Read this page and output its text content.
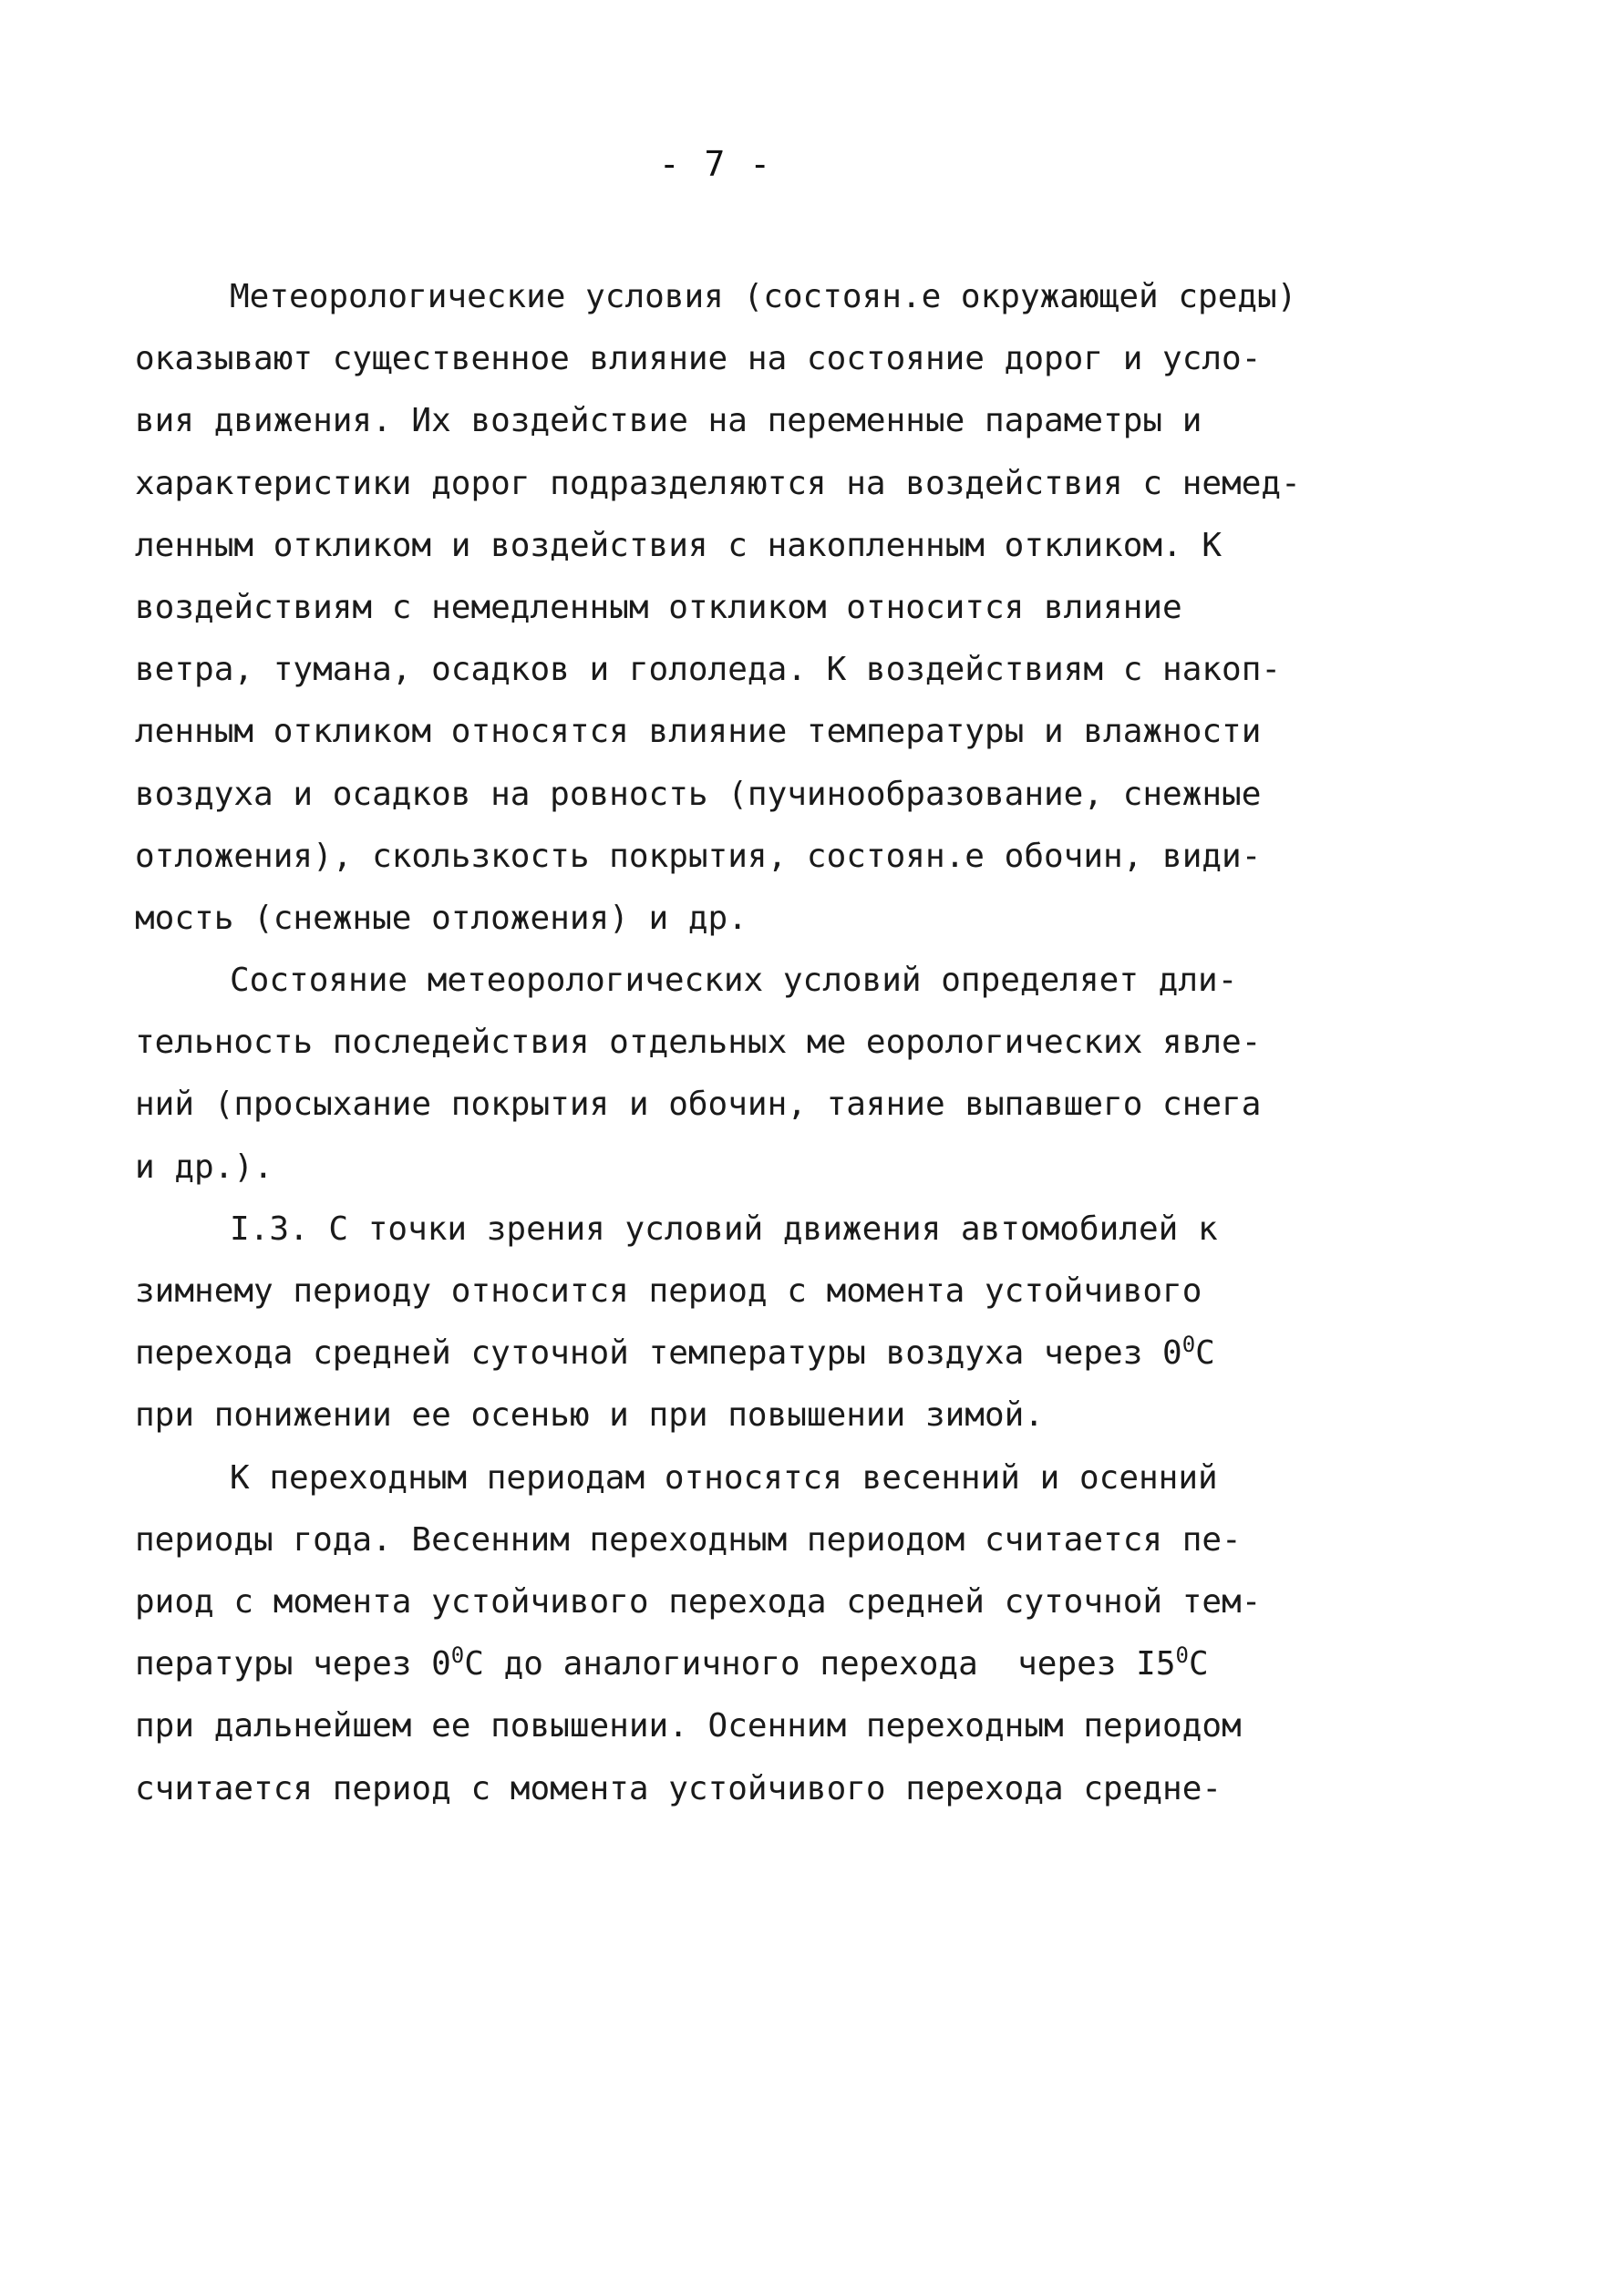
- 7 -
Метеорологические условия (состоян.е окружающей среды)
оказывают существенное влияние на состояние дорог и усло-
вия движения. Их воздействие на переменные параметры и
характеристики дорог подразделяются на воздействия с немед-
ленным откликом и воздействия с накопленным откликом. К
воздействиям с немедленным откликом относится влияние
ветра, тумана, осадков и гололеда. К воздействиям с накоп-
ленным откликом относятся влияние температуры и влажности
воздуха и осадков на ровность (пучинообразование, снежные
отложения), скользкость покрытия, состоян.е обочин, види-
мость (снежные отложения) и др.
Состояние метеорологических условий определяет дли-
тельность последействия отдельных ме еорологических явле-
ний (просыхание покрытия и обочин, таяние выпавшего снега
и др.).
I.3. С точки зрения условий движения автомобилей к
зимнему периоду относится период с момента устойчивого
перехода средней суточной температуры воздуха через $0^0С$
при понижении ее осенью и при повышении зимой.
К переходным периодам относятся весенний и осенний
периоды года. Весенним переходным периодом считается пе-
риод с момента устойчивого перехода средней суточной тем-
пературы через $0^0С$ до аналогичного перехода  через $I5^0С$
при дальнейшем ее повышении. Осенним переходным периодом
считается период с момента устойчивого перехода средне-
